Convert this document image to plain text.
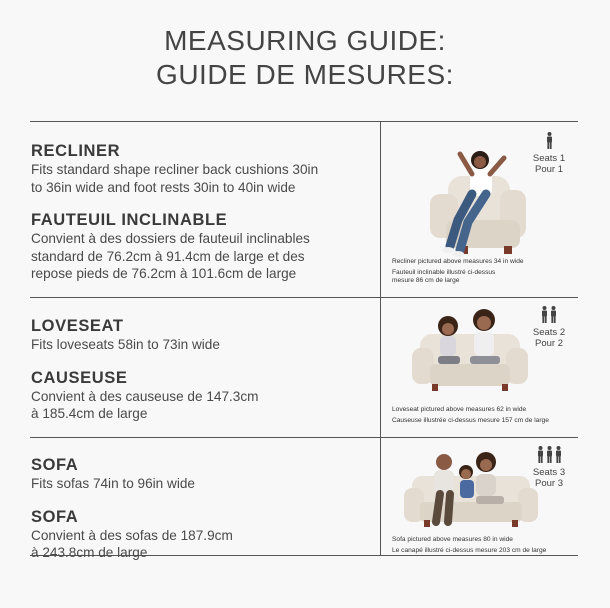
MEASURING GUIDE:
GUIDE DE MESURES:

RECLINER

Fits standard shape recliner back cushions 30in

to 36in wide and foot rests 30in to 40in wide

FAUTEUIL INCLINABLE

Convient à des dossiers de fauteuil inclinables

standard de 76.2cm à 91.4cm de large et des

repose pieds de 76.2cm à 101.6cm de large

Seats 1
Pour 1
Recliner pictured above measures 34 in wide
Fauteuil inclinable illustré ci-dessus
mesure 86 cm de large

LOVESEAT

Fits loveseats 58in to 73in wide

CAUSEUSE

Convient à des causeuse de 147.3cm

à 185.4cm de large

Seats 2
Pour 2
Loveseat pictured above measures 62 in wide
Causeuse illustrée ci-dessus mesure 157 cm de large

SOFA

Fits sofas 74in to 96in wide

SOFA

Convient à des sofas de 187.9cm

à 243.8cm de large

Seats 3
Pour 3
Sofa pictured above measures 80 in wide
Le canapé illustré ci-dessus mesure 203 cm de large
